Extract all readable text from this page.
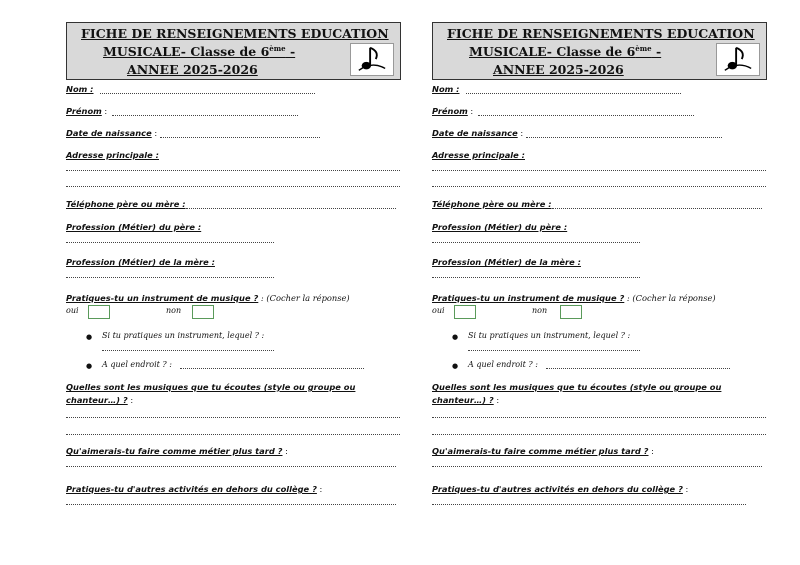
FICHE DE RENSEIGNEMENTS EDUCATION
MUSICALE- Classe de 6ème -
ANNEE 2025-2026
Nom :
Prénom :
Date de naissance :
Adresse principale :
Téléphone père ou mère :
Profession (Métier) du père :
Profession (Métier) de la mère :
Pratiques-tu un instrument de musique ? : (Cocher la réponse)
oui	non
● Si tu pratiques un instrument, lequel ? :
● A quel endroit ? :
Quelles sont les musiques que tu écoutes (style ou groupe ou
chanteur…) ? :
Qu'aimerais-tu faire comme métier plus tard ? :
Pratiques-tu d'autres activités en dehors du collège ? :
FICHE DE RENSEIGNEMENTS EDUCATION
MUSICALE- Classe de 6ème -
ANNEE 2025-2026
Nom :
Prénom :
Date de naissance :
Adresse principale :
Téléphone père ou mère :
Profession (Métier) du père :
Profession (Métier) de la mère :
Pratiques-tu un instrument de musique ? : (Cocher la réponse)
oui	non
● Si tu pratiques un instrument, lequel ? :
● A quel endroit ? :
Quelles sont les musiques que tu écoutes (style ou groupe ou
chanteur…) ? :
Qu'aimerais-tu faire comme métier plus tard ? :
Pratiques-tu d'autres activités en dehors du collège ? :
